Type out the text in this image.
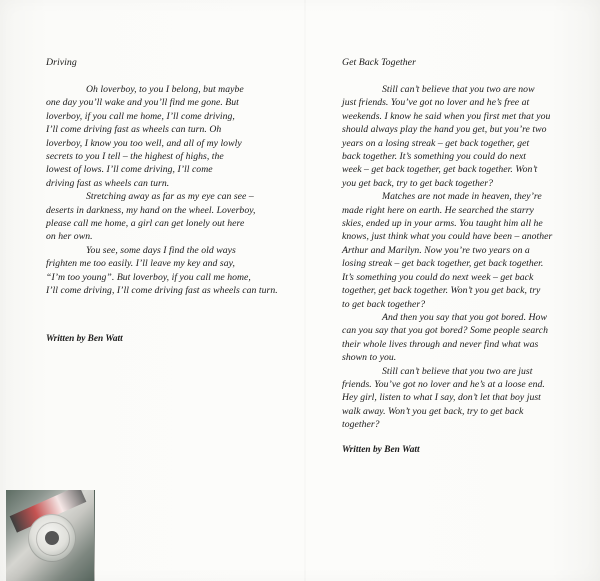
Driving
Oh loverboy, to you I belong, but maybe
one day you’ll wake and you’ll find me gone. But
loverboy, if you call me home, I’ll come driving,
I’ll come driving fast as wheels can turn. Oh
loverboy, I know you too well, and all of my lowly
secrets to you I tell – the highest of highs, the
lowest of lows. I’ll come driving, I’ll come
driving fast as wheels can turn.
Stretching away as far as my eye can see –
deserts in darkness, my hand on the wheel. Loverboy,
please call me home, a girl can get lonely out here
on her own.
You see, some days I find the old ways
frighten me too easily. I’ll leave my key and say,
“I’m too young”. But loverboy, if you call me home,
I’ll come driving, I’ll come driving fast as wheels can turn.
Written by Ben Watt
Get Back Together
Still can’t believe that you two are now
just friends. You’ve got no lover and he’s free at
weekends. I know he said when you first met that you
should always play the hand you get, but you’re two
years on a losing streak – get back together, get
back together. It’s something you could do next
week – get back together, get back together. Won’t
you get back, try to get back together?
Matches are not made in heaven, they’re
made right here on earth. He searched the starry
skies, ended up in your arms. You taught him all he
knows, just think what you could have been – another
Arthur and Marilyn. Now you’re two years on a
losing streak – get back together, get back together.
It’s something you could do next week – get back
together, get back together. Won’t you get back, try
to get back together?
And then you say that you got bored. How
can you say that you got bored? Some people search
their whole lives through and never find what was
shown to you.
Still can’t believe that you two are just
friends. You’ve got no lover and he’s at a loose end.
Hey girl, listen to what I say, don’t let that boy just
walk away. Won’t you get back, try to get back
together?
Written by Ben Watt
